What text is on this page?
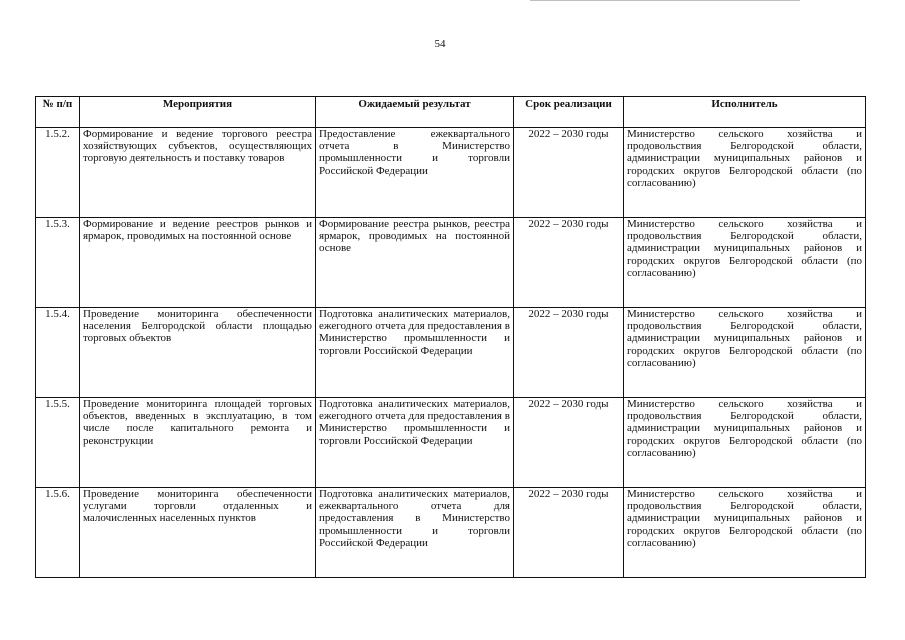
54
№ п/п	Мероприятия	Ожидаемый результат	Срок реализации	Исполнитель
1.5.2.	Формирование и ведение торгового реестра хозяйствующих субъектов, осуществляющих торговую деятельность и поставку товаров	Предоставление ежеквартального отчета в Министерство промышленности и торговли Российской Федерации	2022 – 2030 годы	Министерство сельского хозяйства и продовольствия Белгородской области, администрации муниципальных районов и городских округов Белгородской области (по согласованию)
1.5.3.	Формирование и ведение реестров рынков и ярмарок, проводимых на постоянной основе	Формирование реестра рынков, реестра ярмарок, проводимых на постоянной основе	2022 – 2030 годы	Министерство сельского хозяйства и продовольствия Белгородской области, администрации муниципальных районов и городских округов Белгородской области (по согласованию)
1.5.4.	Проведение мониторинга обеспеченности населения Белгородской области площадью торговых объектов	Подготовка аналитических материалов, ежегодного отчета для предоставления в Министерство промышленности и торговли Российской Федерации	2022 – 2030 годы	Министерство сельского хозяйства и продовольствия Белгородской области, администрации муниципальных районов и городских округов Белгородской области (по согласованию)
1.5.5.	Проведение мониторинга площадей торговых объектов, введенных в эксплуатацию, в том числе после капитального ремонта и реконструкции	Подготовка аналитических материалов, ежегодного отчета для предоставления в Министерство промышленности и торговли Российской Федерации	2022 – 2030 годы	Министерство сельского хозяйства и продовольствия Белгородской области, администрации муниципальных районов и городских округов Белгородской области (по согласованию)
1.5.6.	Проведение мониторинга обеспеченности услугами торговли отдаленных и малочисленных населенных пунктов	Подготовка аналитических материалов, ежеквартального отчета для предоставления в Министерство промышленности и торговли Российской Федерации	2022 – 2030 годы	Министерство сельского хозяйства и продовольствия Белгородской области, администрации муниципальных районов и городских округов Белгородской области (по согласованию)
